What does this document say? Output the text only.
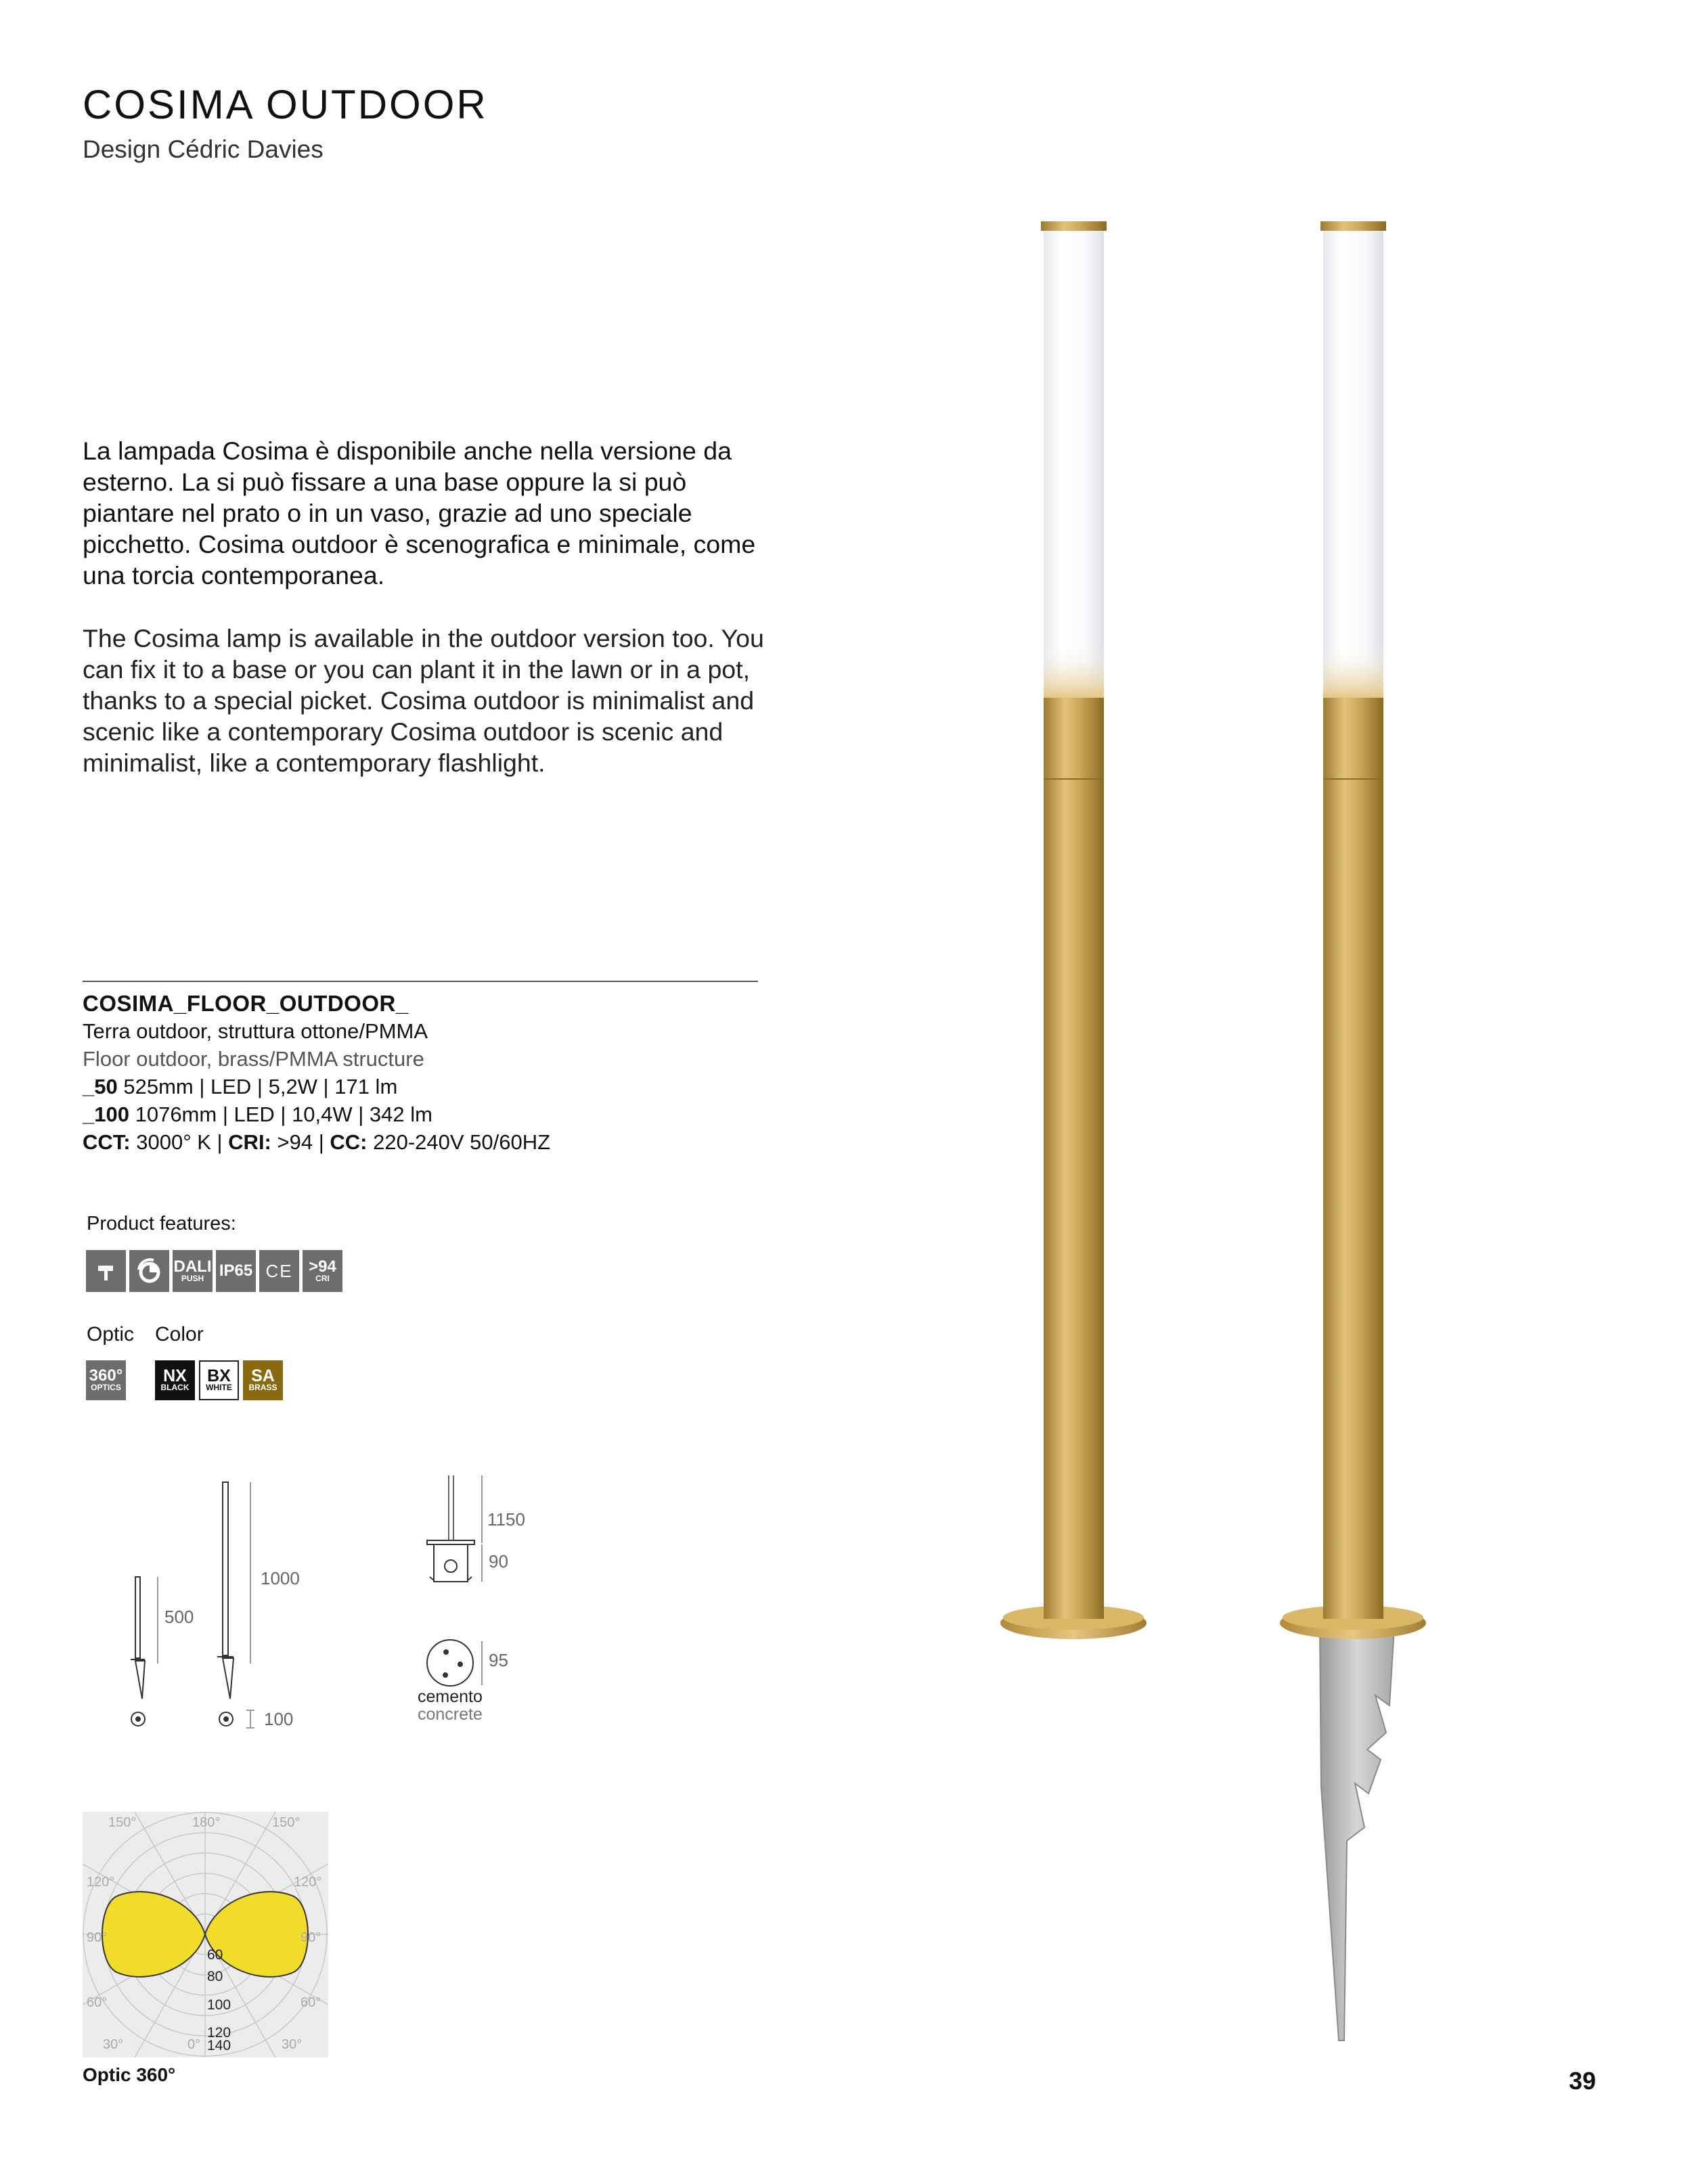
COSIMA OUTDOOR
Design Cédric Davies
La lampada Cosima è disponibile anche nella versione da esterno. La si può fissare a una base oppure la si può piantare nel prato o in un vaso, grazie ad uno speciale picchetto. Cosima outdoor è scenografica e minimale, come una torcia contemporanea.
The Cosima lamp is available in the outdoor version too. You can fix it to a base or you can plant it in the lawn or in a pot, thanks to a special picket. Cosima outdoor is minimalist and scenic like a contemporary Cosima outdoor is scenic and minimalist, like a contemporary flashlight.
COSIMA_FLOOR_OUTDOOR_
Terra outdoor, struttura ottone/PMMA
Floor outdoor, brass/PMMA structure
_50 525mm | LED | 5,2W | 171 lm
_100 1076mm | LED | 10,4W | 342 lm
CCT: 3000° K | CRI: >94 | CC: 220-240V 50/60HZ
Product features:
DALI
PUSH IP65 CE >94
CRI
Optic Color
360°
OPTICS
NX
BLACK
BX
WHITE
SA
BRASS
500
1000
100
1150
90
95
cemento
concrete
150°	180°	150°
120°	120°
90°	90°
60°	60°
30°	0°	30°
60
80
100
120
140
Optic 360°	39
